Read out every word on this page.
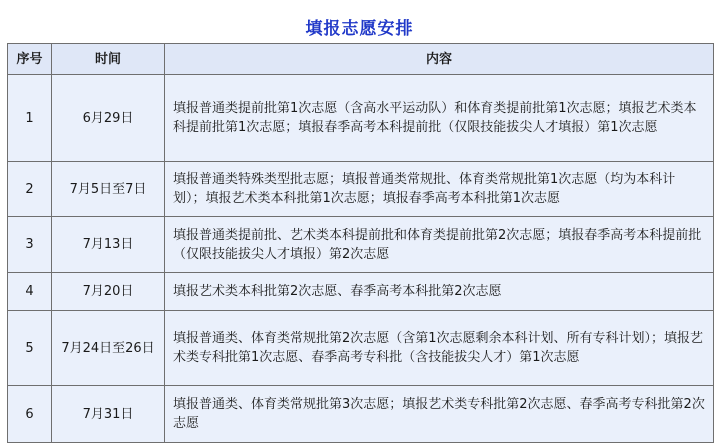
填报志愿安排
序号	时间	内容
1	6月29日	填报普通类提前批第1次志愿（含高水平运动队）和体育类提前批第1次志愿；填报艺术类本科提前批第1次志愿；填报春季高考本科提前批（仅限技能拔尖人才填报）第1次志愿
2	7月5日至7日	填报普通类特殊类型批志愿；填报普通类常规批、体育类常规批第1次志愿（均为本科计划）；填报艺术类本科批第1次志愿；填报春季高考本科批第1次志愿
3	7月13日	填报普通类提前批、艺术类本科提前批和体育类提前批第2次志愿；填报春季高考本科提前批（仅限技能拔尖人才填报）第2次志愿
4	7月20日	填报艺术类本科批第2次志愿、春季高考本科批第2次志愿
5	7月24日至26日	填报普通类、体育类常规批第2次志愿（含第1次志愿剩余本科计划、所有专科计划）；填报艺术类专科批第1次志愿、春季高考专科批（含技能拔尖人才）第1次志愿
6	7月31日	填报普通类、体育类常规批第3次志愿；填报艺术类专科批第2次志愿、春季高考专科批第2次志愿
